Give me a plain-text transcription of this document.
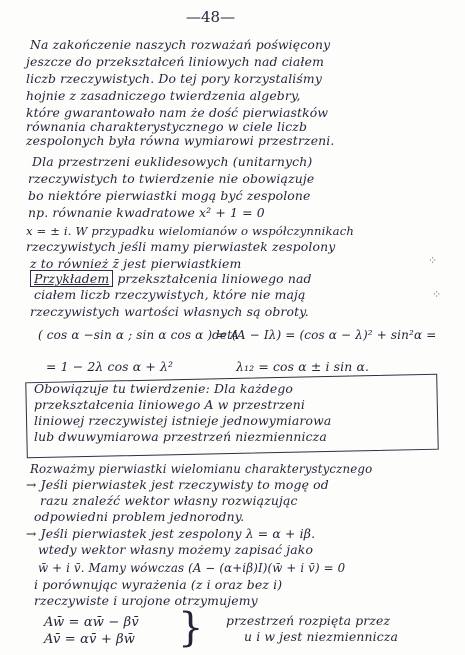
—48—
Na zakończenie naszych rozważań poświęcony
jeszcze do przekształceń liniowych nad ciałem
liczb rzeczywistych. Do tej pory korzystaliśmy
hojnie z zasadniczego twierdzenia algebry,
które gwarantowało nam że dość pierwiastków
równania charakterystycznego w ciele liczb
zespolonych była równa wymiarowi przestrzeni.
Dla przestrzeni euklidesowych (unitarnych)
rzeczywistych to twierdzenie nie obowiązuje
bo niektóre pierwiastki mogą być zespolone
np. równanie kwadratowe x² + 1 = 0
x = ± i. W przypadku wielomianów o współczynnikach
rzeczywistych jeśli mamy pierwiastek zespolony
z to również z̄ jest pierwiastkiem	⁘
Przykładem przekształcenia liniowego nad
ciałem liczb rzeczywistych, które nie mają
rzeczywistych wartości własnych są obroty.
⁘
( cos α −sin α ; sin α cos α ) = A
det(A − Iλ) = (cos α − λ)² + sin²α =
= 1 − 2λ cos α + λ²	λ₁₂ = cos α ± i sin α.
Obowiązuje tu twierdzenie: Dla każdego
przekształcenia liniowego A w przestrzeni
liniowej rzeczywistej istnieje jednowymiarowa
lub dwuwymiarowa przestrzeń niezmiennicza
Rozważmy pierwiastki wielomianu charakterystycznego
→ Jeśli pierwiastek jest rzeczywisty to mogę od
razu znaleźć wektor własny rozwiązując
odpowiedni problem jednorodny.
→ Jeśli pierwiastek jest zespolony λ = α + iβ.
wtedy wektor własny możemy zapisać jako
w̄ + i v̄. Mamy wówczas (A − (α+iβ)I)(w̄ + i v̄) = 0
i porównując wyrażenia (z i oraz bez i)
rzeczywiste i urojone otrzymujemy
Aw̄ = αw̄ − βv̄
Av̄ = αv̄ + βw̄ } przestrzeń rozpięta przez
u i w jest niezmiennicza
